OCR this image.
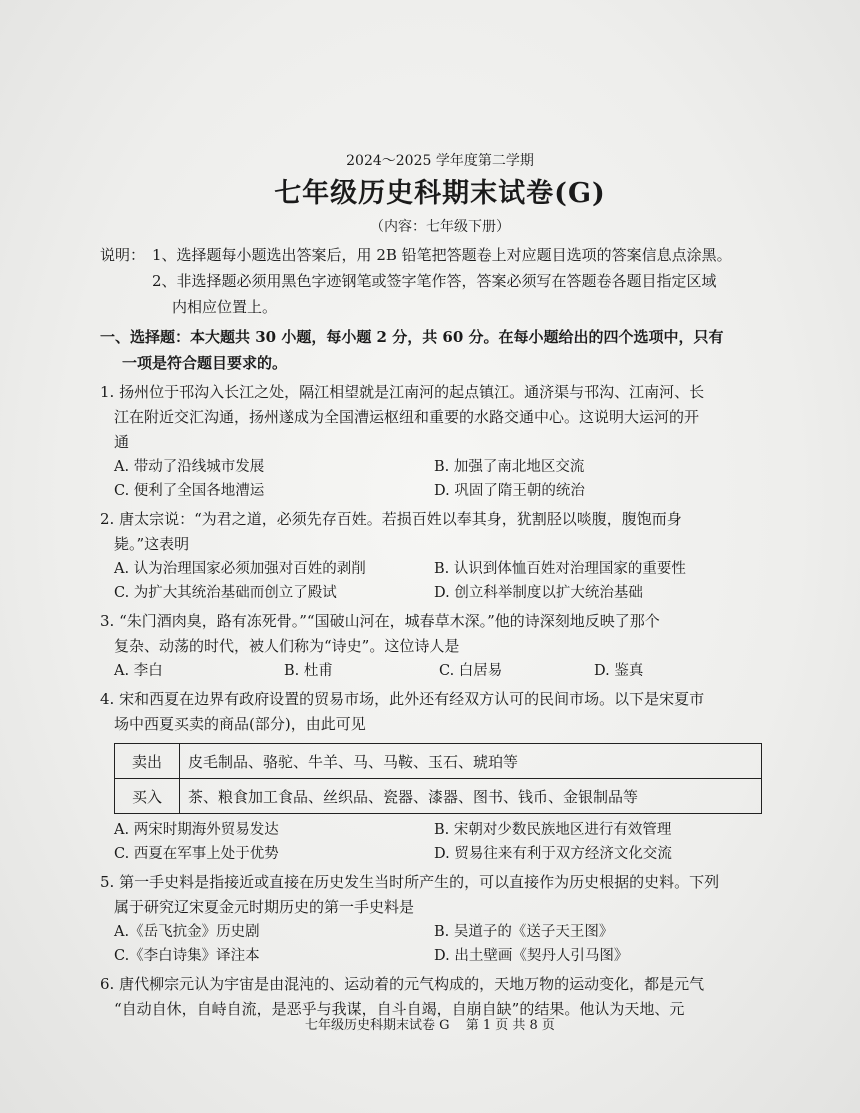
2024～2025 学年度第二学期
七年级历史科期末试卷(G)
（内容：七年级下册）
说明： 1、选择题每小题选出答案后，用 2B 铅笔把答题卷上对应题目选项的答案信息点涂黑。
2、非选择题必须用黑色字迹钢笔或签字笔作答，答案必须写在答题卷各题目指定区域
内相应位置上。
一、选择题：本大题共 30 小题，每小题 2 分，共 60 分。在每小题给出的四个选项中，只有
一项是符合题目要求的。
1. 扬州位于邗沟入长江之处，隔江相望就是江南河的起点镇江。通济渠与邗沟、江南河、长
江在附近交汇沟通，扬州遂成为全国漕运枢纽和重要的水路交通中心。这说明大运河的开
通
A. 带动了沿线城市发展	B. 加强了南北地区交流
C. 便利了全国各地漕运	D. 巩固了隋王朝的统治
2. 唐太宗说：“为君之道，必须先存百姓。若损百姓以奉其身，犹割胫以啖腹，腹饱而身
毙。”这表明
A. 认为治理国家必须加强对百姓的剥削	B. 认识到体恤百姓对治理国家的重要性
C. 为扩大其统治基础而创立了殿试	D. 创立科举制度以扩大统治基础
3. “朱门酒肉臭，路有冻死骨。”“国破山河在，城春草木深。”他的诗深刻地反映了那个
复杂、动荡的时代，被人们称为“诗史”。这位诗人是
A. 李白	B. 杜甫	C. 白居易	D. 鉴真
4. 宋和西夏在边界有政府设置的贸易市场，此外还有经双方认可的民间市场。以下是宋夏市
场中西夏买卖的商品(部分)，由此可见
卖出	皮毛制品、骆驼、牛羊、马、马鞍、玉石、琥珀等
买入	茶、粮食加工食品、丝织品、瓷器、漆器、图书、钱币、金银制品等
A. 两宋时期海外贸易发达	B. 宋朝对少数民族地区进行有效管理
C. 西夏在军事上处于优势	D. 贸易往来有利于双方经济文化交流
5. 第一手史料是指接近或直接在历史发生当时所产生的，可以直接作为历史根据的史料。下列
属于研究辽宋夏金元时期历史的第一手史料是
A.《岳飞抗金》历史剧	B. 吴道子的《送子天王图》
C.《李白诗集》译注本	D. 出土壁画《契丹人引马图》
6. 唐代柳宗元认为宇宙是由混沌的、运动着的元气构成的，天地万物的运动变化，都是元气
“自动自休，自峙自流，是恶乎与我谋，自斗自竭，自崩自缺”的结果。他认为天地、元
七年级历史科期末试卷 G 第 1 页 共 8 页
